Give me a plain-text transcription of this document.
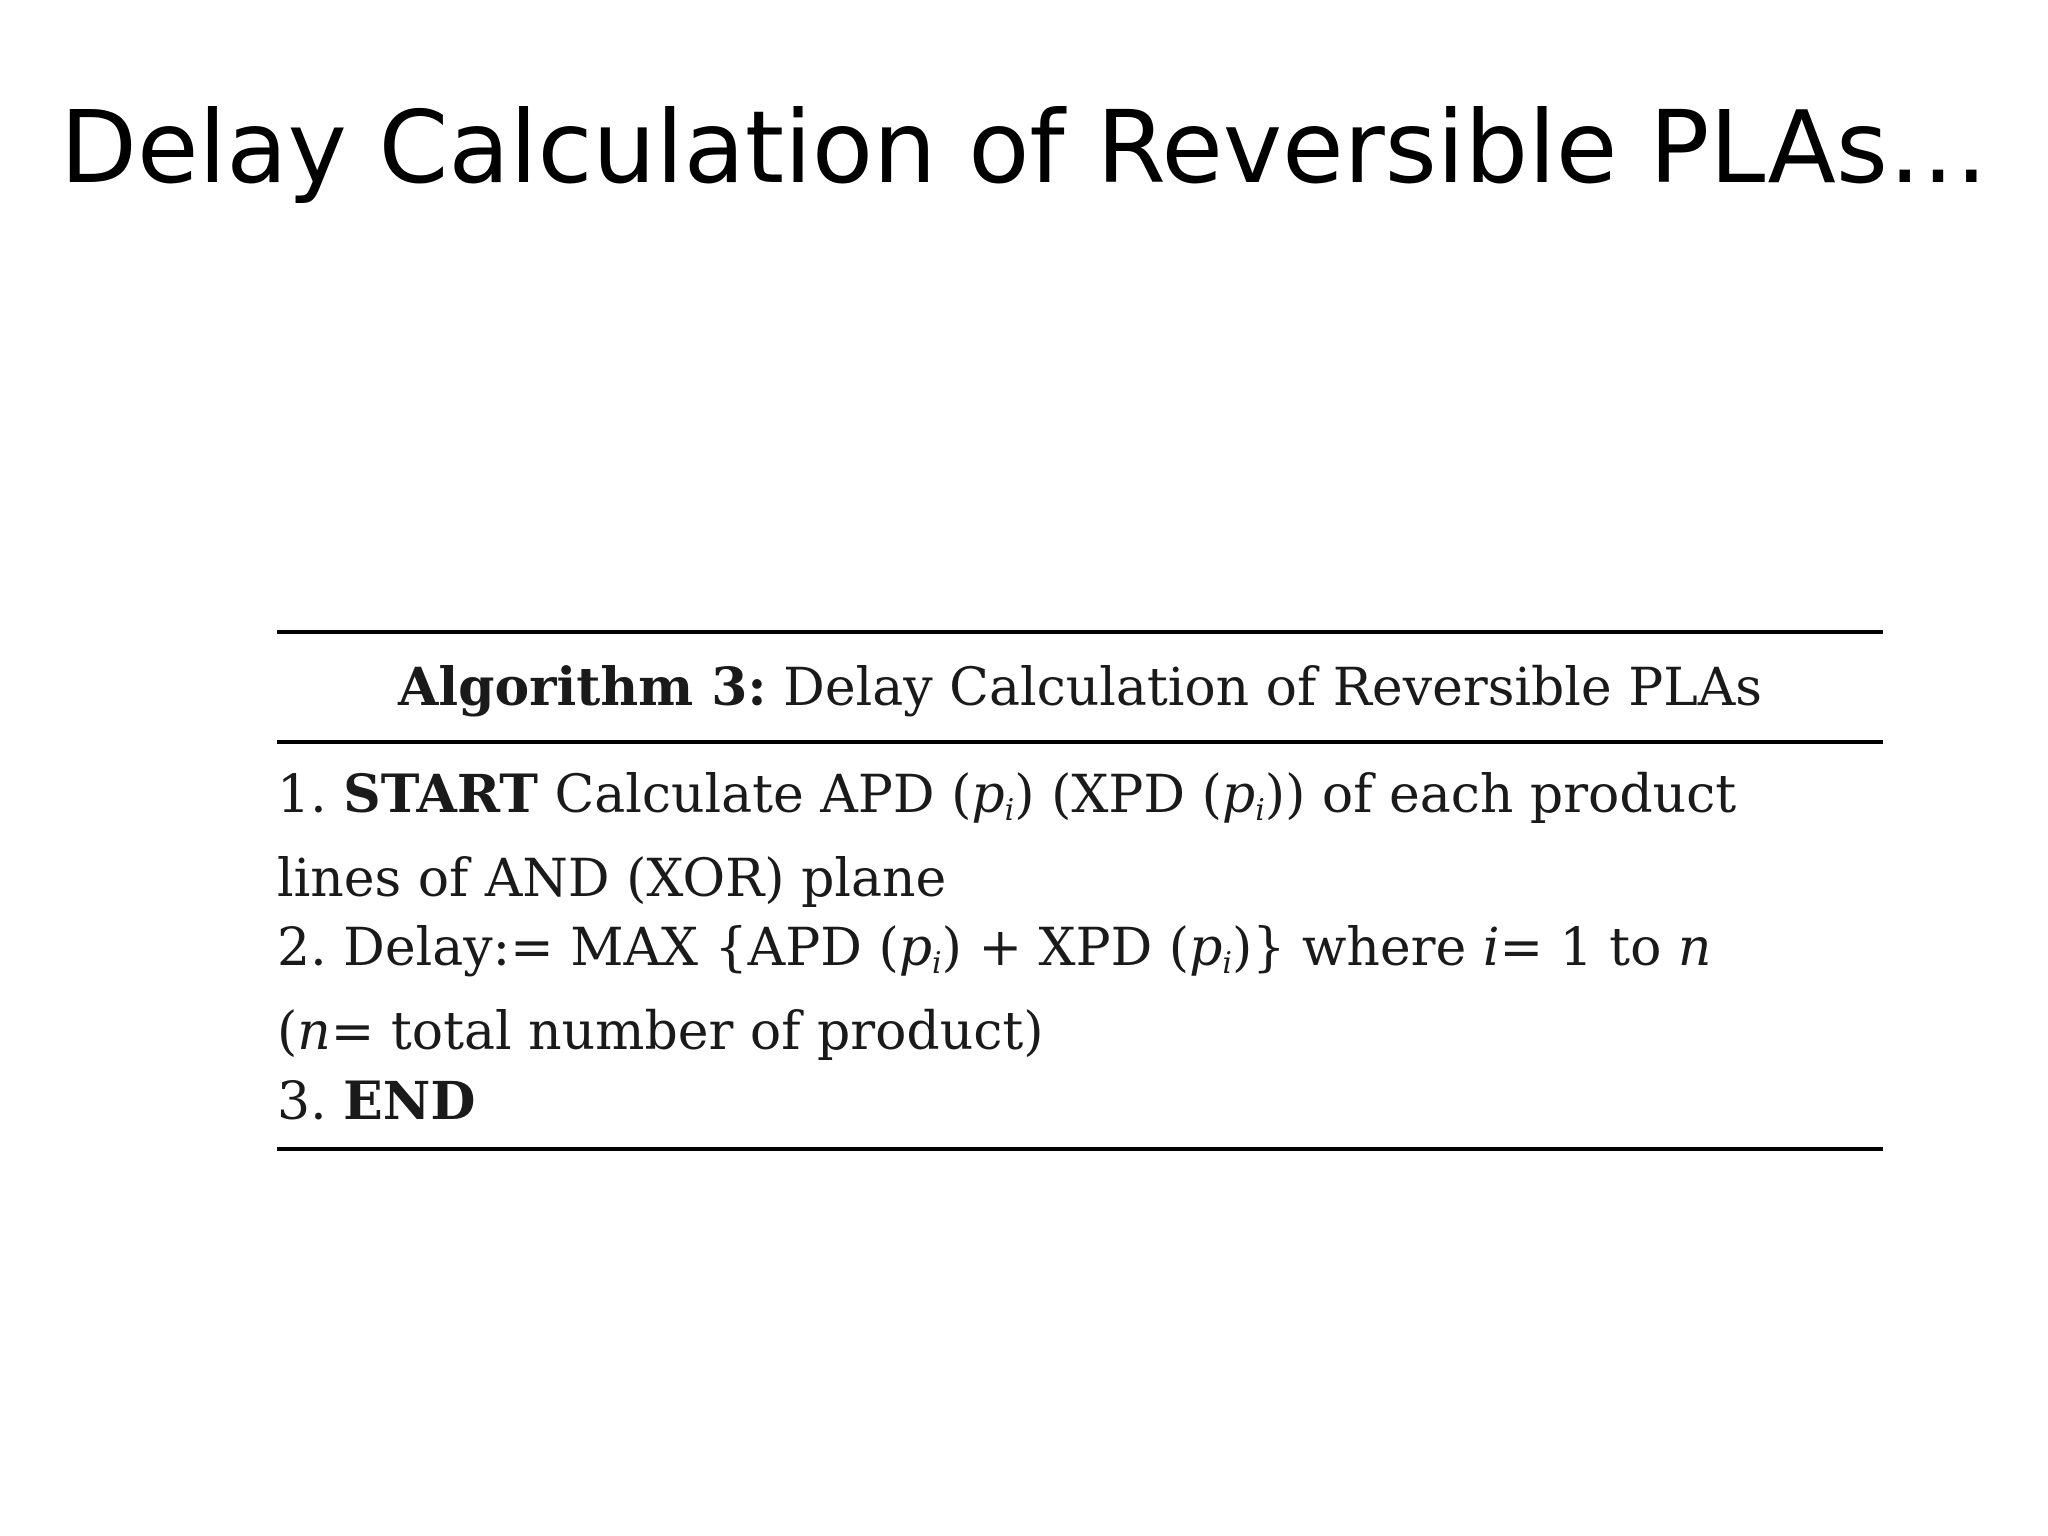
Delay Calculation of Reversible PLAs…
Algorithm 3: Delay Calculation of Reversible PLAs
1. START Calculate APD $(p_i)$ (XPD $(p_i)$) of each product
lines of AND (XOR) plane
2. Delay:= MAX {APD $(p_i)$ + XPD $(p_i)$} where i= 1 to n
(n= total number of product)
3. END
